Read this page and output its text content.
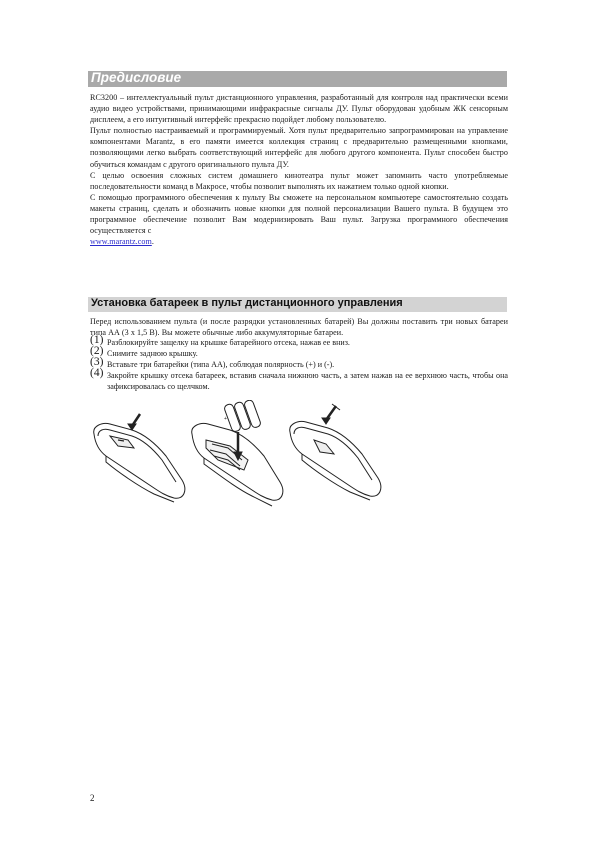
Предисловие

RC3200 – интеллектуальный пульт дистанционного управления, разработанный для контроля над практически всеми аудио видео устройствами, принимающими инфракрасные сигналы ДУ. Пульт оборудован удобным ЖК сенсорным дисплеем, а его интуитивный интерфейс прекрасно подойдет любому пользователю.

Пульт полностью настраиваемый и программируемый. Хотя пульт предварительно запрограммирован на управление компонентами Marantz, в его памяти имеется коллекция страниц с предварительно размещенными кнопками, позволяющими легко выбрать соответствующий интерфейс для любого другого компонента. Пульт способен быстро обучиться командам с другого оригинального пульта ДУ.

С целью освоения сложных систем домашнего кинотеатра пульт может запомнить часто употребляемые последовательности команд в Макросе, чтобы позволит выполнять их нажатием только одной кнопки.

С помощью программного обеспечения к пульту Вы сможете на персональном компьютере самостоятельно создать макеты страниц, сделать и обозначить новые кнопки для полной персонализации Вашего пульта. В будущем это программное обеспечение позволит Вам модернизировать Ваш пульт. Загрузка программного обеспечения осуществляется с
www.marantz.com.

Установка батареек в пульт дистанционного управления

Перед использованием пульта (и после разрядки установленных батарей) Вы должны поставить три новых батареи типа АА (3 x 1,5 В). Вы можете обычные либо аккумуляторные батареи.

(1) Разблокируйте защелку на крышке батарейного отсека, нажав ее вниз.
(2) Снимите заднюю крышку.
(3) Вставьте три батарейки (типа АА), соблюдая полярность (+) и (-).
(4) Закройте крышку отсека батареек, вставив сначала нижнюю часть, а затем нажав на ее верхнюю часть, чтобы она зафиксировалась со щелчком.
+
2
